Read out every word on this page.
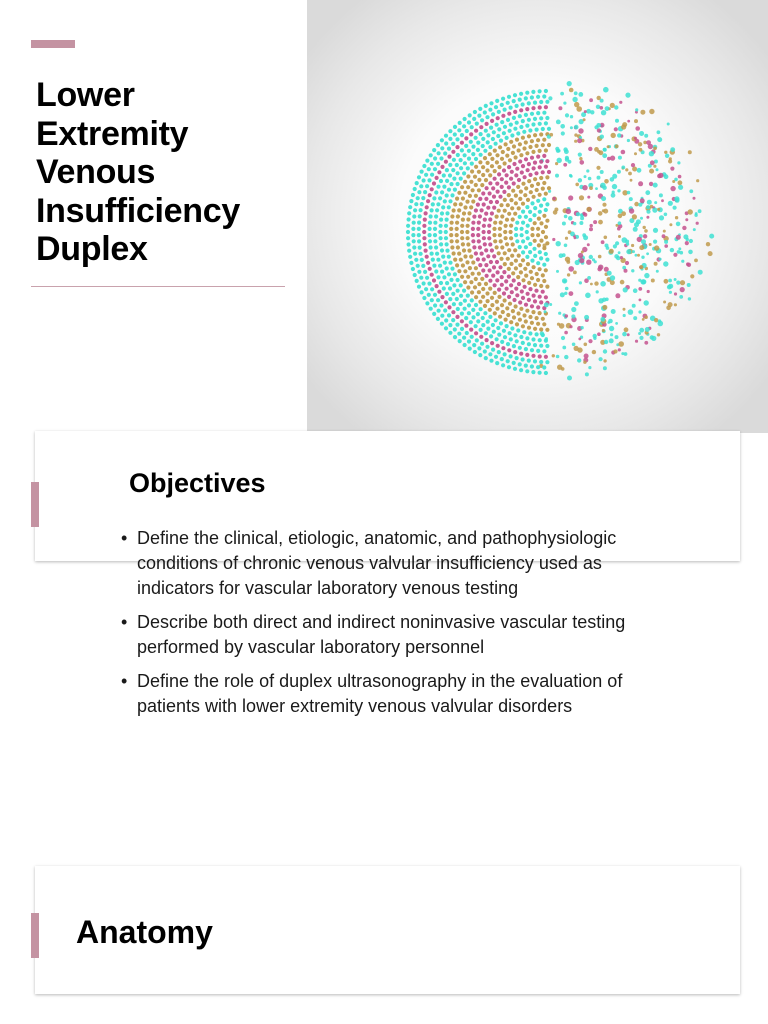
Lower
Extremity
Venous
Insufficiency
Duplex
Objectives
• Define the clinical, etiologic, anatomic, and pathophysiologic conditions of chronic venous valvular insufficiency used as indicators for vascular laboratory venous testing
• Describe both direct and indirect noninvasive vascular testing performed by vascular laboratory personnel
• Define the role of duplex ultrasonography in the evaluation of patients with lower extremity venous valvular disorders
Anatomy
